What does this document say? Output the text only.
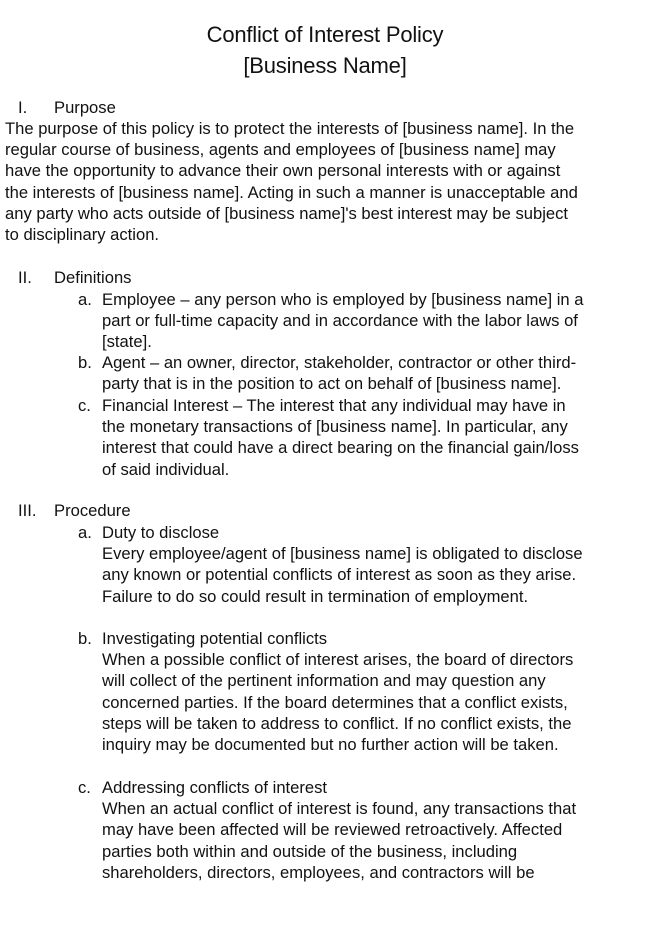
Conflict of Interest Policy
[Business Name]
I. Purpose
The purpose of this policy is to protect the interests of [business name]. In the
regular course of business, agents and employees of [business name] may
have the opportunity to advance their own personal interests with or against
the interests of [business name]. Acting in such a manner is unacceptable and
any party who acts outside of [business name]'s best interest may be subject
to disciplinary action.
II. Definitions
a. Employee – any person who is employed by [business name] in a
part or full-time capacity and in accordance with the labor laws of
[state].
b. Agent – an owner, director, stakeholder, contractor or other third-
party that is in the position to act on behalf of [business name].
c. Financial Interest – The interest that any individual may have in
the monetary transactions of [business name]. In particular, any
interest that could have a direct bearing on the financial gain/loss
of said individual.
III. Procedure
a. Duty to disclose
Every employee/agent of [business name] is obligated to disclose
any known or potential conflicts of interest as soon as they arise.
Failure to do so could result in termination of employment.
b. Investigating potential conflicts
When a possible conflict of interest arises, the board of directors
will collect of the pertinent information and may question any
concerned parties. If the board determines that a conflict exists,
steps will be taken to address to conflict. If no conflict exists, the
inquiry may be documented but no further action will be taken.
c. Addressing conflicts of interest
When an actual conflict of interest is found, any transactions that
may have been affected will be reviewed retroactively. Affected
parties both within and outside of the business, including
shareholders, directors, employees, and contractors will be
